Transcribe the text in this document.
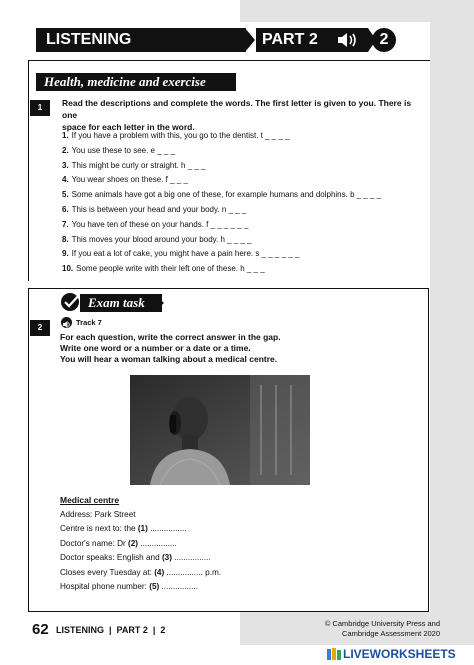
LISTENING	PART 2	2
Health, medicine and exercise
1	Read the descriptions and complete the words. The first letter is given to you. There is one
space for each letter in the word.
1. If you have a problem with this, you go to the dentist. t _ _ _ _
2. You use these to see. e _ _ _
3. This might be curly or straight. h _ _ _
4. You wear shoes on these. f _ _ _
5. Some animals have got a big one of these, for example humans and dolphins. b _ _ _ _
6. This is between your head and your body. n _ _ _
7. You have ten of these on your hands. f _ _ _ _ _ _
8. This moves your blood around your body. h _ _ _ _
9. If you eat a lot of cake, you might have a pain here. s _ _ _ _ _ _
10. Some people write with their left one of these. h _ _ _
Exam task
2
Track 7
For each question, write the correct answer in the gap.
Write one word or a number or a date or a time.
You will hear a woman talking about a medical centre.
Medical centre
Address: Park Street
Centre is next to: the (1) ................
Doctor's name: Dr (2) ................
Doctor speaks: English and (3) ................
Closes every Tuesday at: (4) ................ p.m.
Hospital phone number: (5) ................
62 LISTENING  |  PART 2  |  2
© Cambridge University Press and
Cambridge Assessment 2020
LIVEWORKSHEETS
